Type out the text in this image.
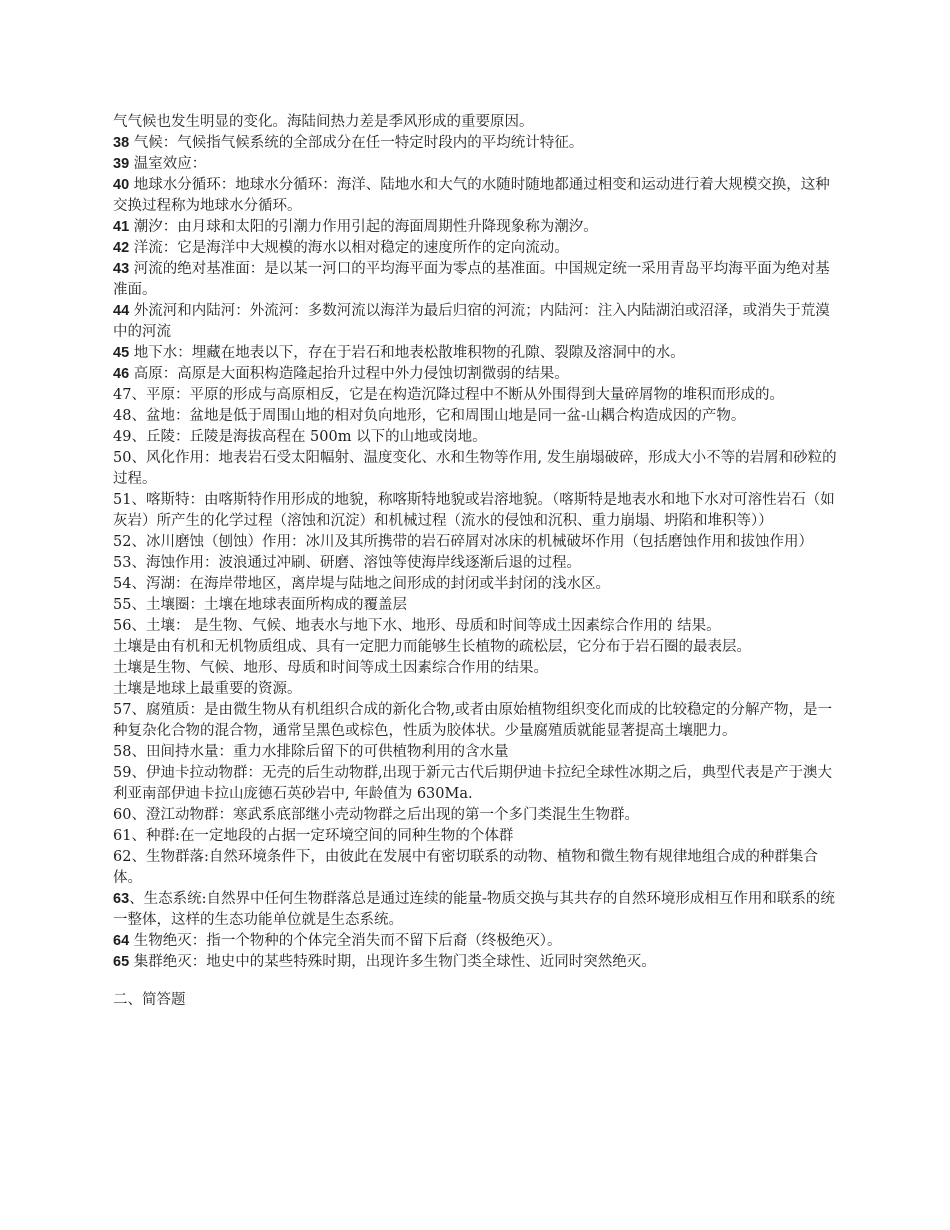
气气候也发生明显的变化。海陆间热力差是季风形成的重要原因。

38 气候：气候指气候系统的全部成分在任一特定时段内的平均统计特征。

39 温室效应：

40 地球水分循环：地球水分循环：海洋、陆地水和大气的水随时随地都通过相变和运动进行着大规模交换，这种交换过程称为地球水分循环。

41 潮汐：由月球和太阳的引潮力作用引起的海面周期性升降现象称为潮汐。

42 洋流：它是海洋中大规模的海水以相对稳定的速度所作的定向流动。

43 河流的绝对基准面：是以某一河口的平均海平面为零点的基准面。中国规定统一采用青岛平均海平面为绝对基准面。

44 外流河和内陆河：外流河：多数河流以海洋为最后归宿的河流；内陆河：注入内陆湖泊或沼泽，或消失于荒漠中的河流

45 地下水：埋藏在地表以下，存在于岩石和地表松散堆积物的孔隙、裂隙及溶洞中的水。

46 高原：高原是大面积构造隆起抬升过程中外力侵蚀切割微弱的结果。

47、平原：平原的形成与高原相反，它是在构造沉降过程中不断从外围得到大量碎屑物的堆积而形成的。

48、盆地：盆地是低于周围山地的相对负向地形，它和周围山地是同一盆-山耦合构造成因的产物。

49、丘陵：丘陵是海拔高程在 500m 以下的山地或岗地。

50、风化作用：地表岩石受太阳幅射、温度变化、水和生物等作用, 发生崩塌破碎，形成大小不等的岩屑和砂粒的过程。

51、喀斯特：由喀斯特作用形成的地貌，称喀斯特地貌或岩溶地貌。（喀斯特是地表水和地下水对可溶性岩石（如灰岩）所产生的化学过程（溶蚀和沉淀）和机械过程（流水的侵蚀和沉积、重力崩塌、坍陷和堆积等））

52、冰川磨蚀（刨蚀）作用：冰川及其所携带的岩石碎屑对冰床的机械破坏作用（包括磨蚀作用和拔蚀作用）

53、海蚀作用：波浪通过冲刷、研磨、溶蚀等使海岸线逐渐后退的过程。

54、泻湖：在海岸带地区，离岸堤与陆地之间形成的封闭或半封闭的浅水区。

55、土壤圈：土壤在地球表面所构成的覆盖层

56、土壤： 是生物、气候、地表水与地下水、地形、母质和时间等成土因素综合作用的 结果。

土壤是由有机和无机物质组成、具有一定肥力而能够生长植物的疏松层，它分布于岩石圈的最表层。

土壤是生物、气候、地形、母质和时间等成土因素综合作用的结果。

土壤是地球上最重要的资源。

57、腐殖质：是由微生物从有机组织合成的新化合物,或者由原始植物组织变化而成的比较稳定的分解产物，是一种复杂化合物的混合物，通常呈黑色或棕色，性质为胶体状。少量腐殖质就能显著提高土壤肥力。

58、田间持水量：重力水排除后留下的可供植物利用的含水量

59、伊迪卡拉动物群：无壳的后生动物群,出现于新元古代后期伊迪卡拉纪全球性冰期之后，典型代表是产于澳大利亚南部伊迪卡拉山庞德石英砂岩中, 年龄值为 630Ma.

60、澄江动物群：寒武系底部继小壳动物群之后出现的第一个多门类混生生物群。

61、种群:在一定地段的占据一定环境空间的同种生物的个体群

62、生物群落:自然环境条件下，由彼此在发展中有密切联系的动物、植物和微生物有规律地组合成的种群集合体。

63、生态系统:自然界中任何生物群落总是通过连续的能量-物质交换与其共存的自然环境形成相互作用和联系的统一整体，这样的生态功能单位就是生态系统。

64 生物绝灭：指一个物种的个体完全消失而不留下后裔（终极绝灭）。

65 集群绝灭：地史中的某些特殊时期，出现许多生物门类全球性、近同时突然绝灭。

二、简答题
